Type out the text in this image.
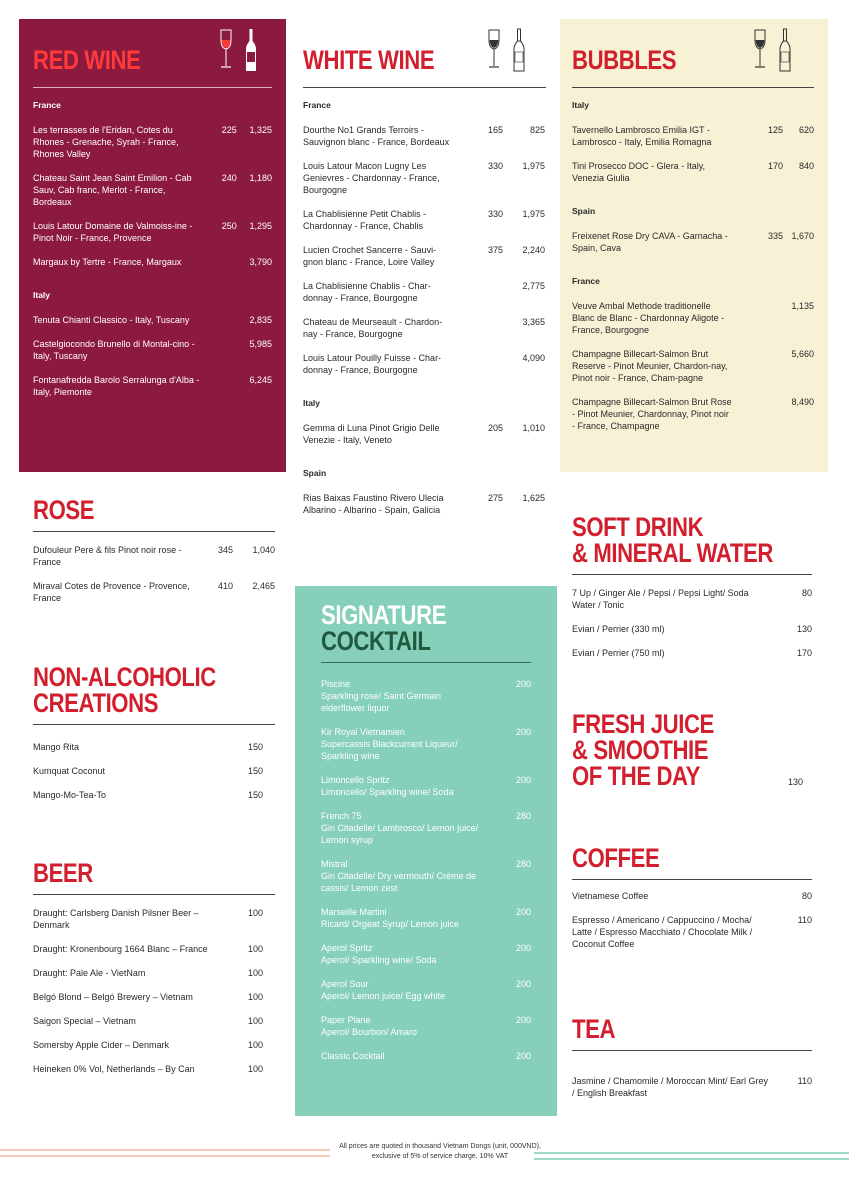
RED WINE
France
Les terrasses de l'Eridan, Cotes du Rhones - Grenache, Syrah - France, Rhones Valley
225	1,325
Chateau Saint Jean Saint Emilion - Cab Sauv, Cab franc, Merlot - France, Bordeaux
240	1,180
Louis Latour Domaine de Valmoiss-ine - Pinot Noir - France, Provence
250	1,295
Margaux by Tertre - France, Margaux	3,790
Italy
Tenuta Chianti Classico - Italy, Tuscany	2,835
Castelgiocondo Brunello di Montal-cino - Italy, Tuscany
5,985
Fontanafredda Barolo Serralunga d'Alba - Italy, Piemonte
6,245
WHITE WINE
France
Dourthe No1 Grands Terroirs - Sauvignon blanc - France, Bordeaux
165	825
Louis Latour Macon Lugny Les Genievres - Chardonnay - France, Bourgogne
330	1,975
La Chablisienne Petit Chablis - Chardonnay - France, Chablis
330	1,975
Lucien Crochet Sancerre - Sauvi-gnon blanc - France, Loire Valley
375	2,240
La Chablisienne Chablis - Char-donnay - France, Bourgogne
2,775
Chateau de Meurseault - Chardon-nay - France, Bourgogne
3,365
Louis Latour Pouilly Fuisse - Char-donnay - France, Bourgogne
4,090
Italy
Gemma di Luna Pinot Grigio Delle Venezie - Italy, Veneto
205	1,010
Spain
Rias Baixas Faustino Rivero Ulecia Albarino - Albarino - Spain, Galicia
275	1,625
BUBBLES
Italy
Tavernello Lambrosco Emilia IGT - Lambrosco - Italy, Emilia Romagna
125	620
Tini Prosecco DOC - Glera - Italy, Venezia Giulia
170	840
Spain
Freixenet Rose Dry CAVA - Garnacha - Spain, Cava
335 1,670
France
Veuve Ambal Methode traditionelle Blanc de Blanc - Chardonnay Aligote - France, Bourgogne
1,135
Champagne Billecart-Salmon Brut Reserve - Pinot Meunier, Chardon-nay, Pinot noir - France, Cham-pagne
5,660
Champagne Billecart-Salmon Brut Rose - Pinot Meunier, Chardonnay, Pinot noir - France, Champagne
8,490
ROSE
Dufouleur Pere & fils Pinot noir rose - France
345	1,040
Miraval Cotes de Provence - Provence, France
410	2,465
NON-ALCOHOLIC
CREATIONS
Mango Rita	150
Kumquat Coconut	150
Mango-Mo-Tea-To	150
BEER
Draught: Carlsberg Danish Pilsner Beer – Denmark
100
Draught: Kronenbourg 1664 Blanc – France	100
Draught: Pale Ale - VietNam	100
Belgó Blond – Belgó Brewery – Vietnam	100
Saigon Special – Vietnam	100
Somersby Apple Cider – Denmark	100
Heineken 0% Vol, Netherlands – By Can	100
SIGNATURE
COCKTAIL
Piscine
Sparkling rose/ Saint Germain elderflower liquor
200
Kir Royal Vietnamien
Supercassis Blackcurrant Liqueur/ Sparkling wine
200
Limoncello Spritz
Limoncello/ Sparkling wine/ Soda
200
French 75
Gin Citadelle/ Lambrosco/ Lemon juice/ Lemon syrup
280
Mistral
Gin Citadelle/ Dry vermouth/ Crème de cassis/ Lemon zest
280
Marseille Martini
Ricard/ Orgeat Syrup/ Lemon juice
200
Aperol Spritz
Aperol/ Sparkling wine/ Soda
200
Aperol Sour
Aperol/ Lemon juice/ Egg white
200
Paper Plane
Aperol/ Bourbon/ Amaro
200
Classic Cocktail	200
SOFT DRINK
& MINERAL WATER
7 Up / Ginger Ale / Pepsi / Pepsi Light/ Soda Water / Tonic
80
Evian / Perrier (330 ml)	130
Evian / Perrier (750 ml)	170
FRESH JUICE
& SMOOTHIE
OF THE DAY	130
COFFEE
Vietnamese Coffee	80
Espresso / Americano / Cappuccino / Mocha/ Latte / Espresso Macchiato / Chocolate Milk / Coconut Coffee
110
TEA
Jasmine / Chamomile / Moroccan Mint/ Earl Grey / English Breakfast
110
All prices are quoted in thousand Vietnam Dongs (unit, 000VND),
exclusive of 5% of service charge, 10% VAT
